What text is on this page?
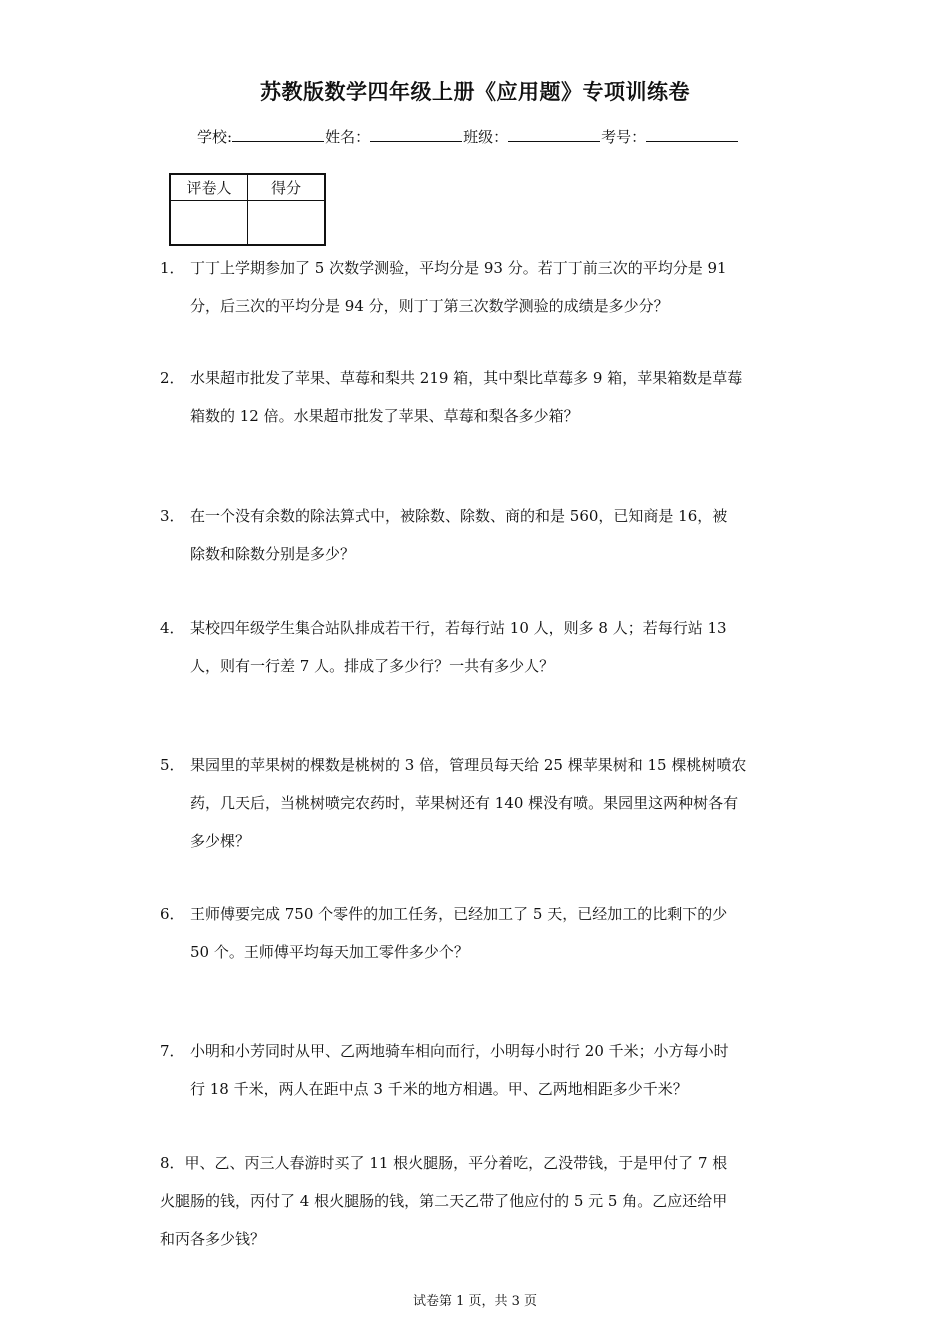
苏教版数学四年级上册《应用题》专项训练卷
学校:	姓名：	班级：	考号：
评卷人	得分

1． 丁丁上学期参加了 5 次数学测验，平均分是 93 分。若丁丁前三次的平均分是 91
分，后三次的平均分是 94 分，则丁丁第三次数学测验的成绩是多少分？
2． 水果超市批发了苹果、草莓和梨共 219 箱，其中梨比草莓多 9 箱，苹果箱数是草莓
箱数的 12 倍。水果超市批发了苹果、草莓和梨各多少箱？
3． 在一个没有余数的除法算式中，被除数、除数、商的和是 560，已知商是 16，被
除数和除数分别是多少？
4． 某校四年级学生集合站队排成若干行，若每行站 10 人，则多 8 人；若每行站 13
人，则有一行差 7 人。排成了多少行？一共有多少人？
5． 果园里的苹果树的棵数是桃树的 3 倍，管理员每天给 25 棵苹果树和 15 棵桃树喷农
药，几天后，当桃树喷完农药时，苹果树还有 140 棵没有喷。果园里这两种树各有
多少棵？
6． 王师傅要完成 750 个零件的加工任务，已经加工了 5 天，已经加工的比剩下的少
50 个。王师傅平均每天加工零件多少个？
7． 小明和小芳同时从甲、乙两地骑车相向而行，小明每小时行 20 千米；小方每小时
行 18 千米，两人在距中点 3 千米的地方相遇。甲、乙两地相距多少千米？
8．甲、乙、丙三人春游时买了 11 根火腿肠，平分着吃，乙没带钱，于是甲付了 7 根
火腿肠的钱，丙付了 4 根火腿肠的钱，第二天乙带了他应付的 5 元 5 角。乙应还给甲
和丙各多少钱？
试卷第 1 页，共 3 页
